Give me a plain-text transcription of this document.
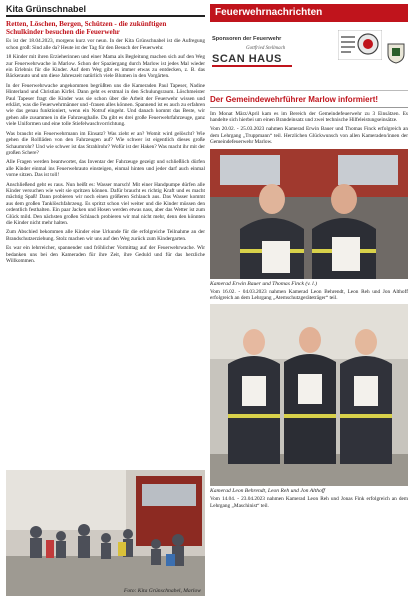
Kita Grünschnabel
Retten, Löschen, Bergen, Schützen - die zukünftigen Schulkinder besuchen die Feuerwehr

Es ist der 18.04.2023, morgens kurz vor neun. In der Kita Grünschnabel ist die Aufregung schon groß: Sind alle da? Heute ist der Tag für den Besuch der Feuerwehr.

18 Kinder mit ihren Erzieherinnen und einer Mama als Begleitung machen sich auf den Weg zur Feuerwehrwache in Marlow. Schon der Spaziergang durch Marlow ist jedes Mal wieder ein Erlebnis für die Kinder. Auf dem Weg gibt es immer etwas zu entdecken, z. B. das Bäckerauto und um diese Jahreszeit natürlich viele Blumen in den Vorgärten.

In der Feuerwehrwache angekommen begrüßten uns die Kameraden Paul Tapeser, Nadine Hinterland und Christian Kirfel. Dann geht es erstmal in den Schulungsraum. Löschmeister Paul Tapeser fragt die Kinder was sie schon über die Arbeit der Feuerwehr wissen und erklärt, was die Feuerwehrmänner und -frauen alles können. Spannend ist es auch zu erfahren wie das genau funktioniert, wenn ein Notruf eingeht. Und danach kommt das Beste, wir gehen alle zusammen in die Fahrzeughalle. Da gibt es drei große Feuerwehrfahrzeuge, ganz viele Uniformen und eine tolle Stiefelwaschvorrichtung.

Was braucht ein Feuerwehrmann im Einsatz? Was zieht er an? Womit wird gelöscht? Wie gehen die Rollläden von den Fahrzeugen auf? Wie schwer ist eigentlich dieses große Schaumrohr? Und wie schwer ist das Strahlrohr? Wofür ist der Haken? Was macht ihr mit der großen Schere?

Alle Fragen werden beantwortet, das Inventar der Fahrzeuge gezeigt und schließlich dürfen alle Kinder einmal ins Feuerwehrauto einsteigen, einmal hinten und jeder darf auch einmal vorne sitzen. Das ist toll!

Anschließend geht es raus. Nun heißt es: Wasser marsch! Mit einer Handpumpe dürfen alle Kinder versuchen wie weit sie spritzen können. Dafür braucht es richtig Kraft und es macht mächtig Spaß! Dann probieren wir noch einen größeren Schlauch aus. Das Wasser kommt aus dem großen Tanklöschfahrzeug. Es spritzt schon viel weiter und die Kinder müssen den ordentlich festhalten. Ein paar Jacken und Hosen werden etwas nass, aber das Wetter ist zum Glück mild. Den nächsten großen Schlauch probieren wir mal nicht mehr, denn den könnten die Kinder nicht mehr halten.

Zum Abschied bekommen alle Kinder eine Urkunde für die erfolgreiche Teilnahme an der Brandschutzerziehung. Stolz machen wir uns auf den Weg zurück zum Kindergarten.

Es war ein lehrreicher, spannender und fröhlicher Vormittag auf der Feuerwehrwache. Wir bedanken uns bei den Kameraden für ihre Zeit, ihre Geduld und für das herzliche Willkommen.

Foto: Kita Grünschnabel, Marlow
Feuerwehrnachrichten
Sponsoren der Feuerwehr
Gottfried Stellmach
SCAN HAUS
Der Gemeindewehrführer Marlow informiert!

Im Monat März/April kam es im Bereich der Gemeindefeuerwehr zu 3 Einsätzen. Es handelte sich hierbei um einen Brandeinsatz und zwei technische Hilfeleistungseinsätze.

Vom 20.02. - 25.03.2023 nahmen Kamerad Erwin Bauer und Thomas Finck erfolgreich an dem Lehrgang „Truppmann“ teil. Herzlichen Glückwunsch von allen Kameraden/innen der Gemeindefeuerwehr Marlow.

Kamerad Erwin Bauer und Thomas Finck (v. l.)

Vom 16.02. - 04.03.2023 nahmen Kamerad Leon Behrendt, Leon Reh und Jon Althoff erfolgreich an dem Lehrgang „Atemschutzgeräteträger“ teil.

Kamerad Leon Behrendt, Leon Reh und Jon Althoff

Vom 14.04. - 23.04.2023 nahmen Kamerad Leon Reh und Jonas Fink erfolgreich an dem Lehrgang „Maschinist“ teil.
